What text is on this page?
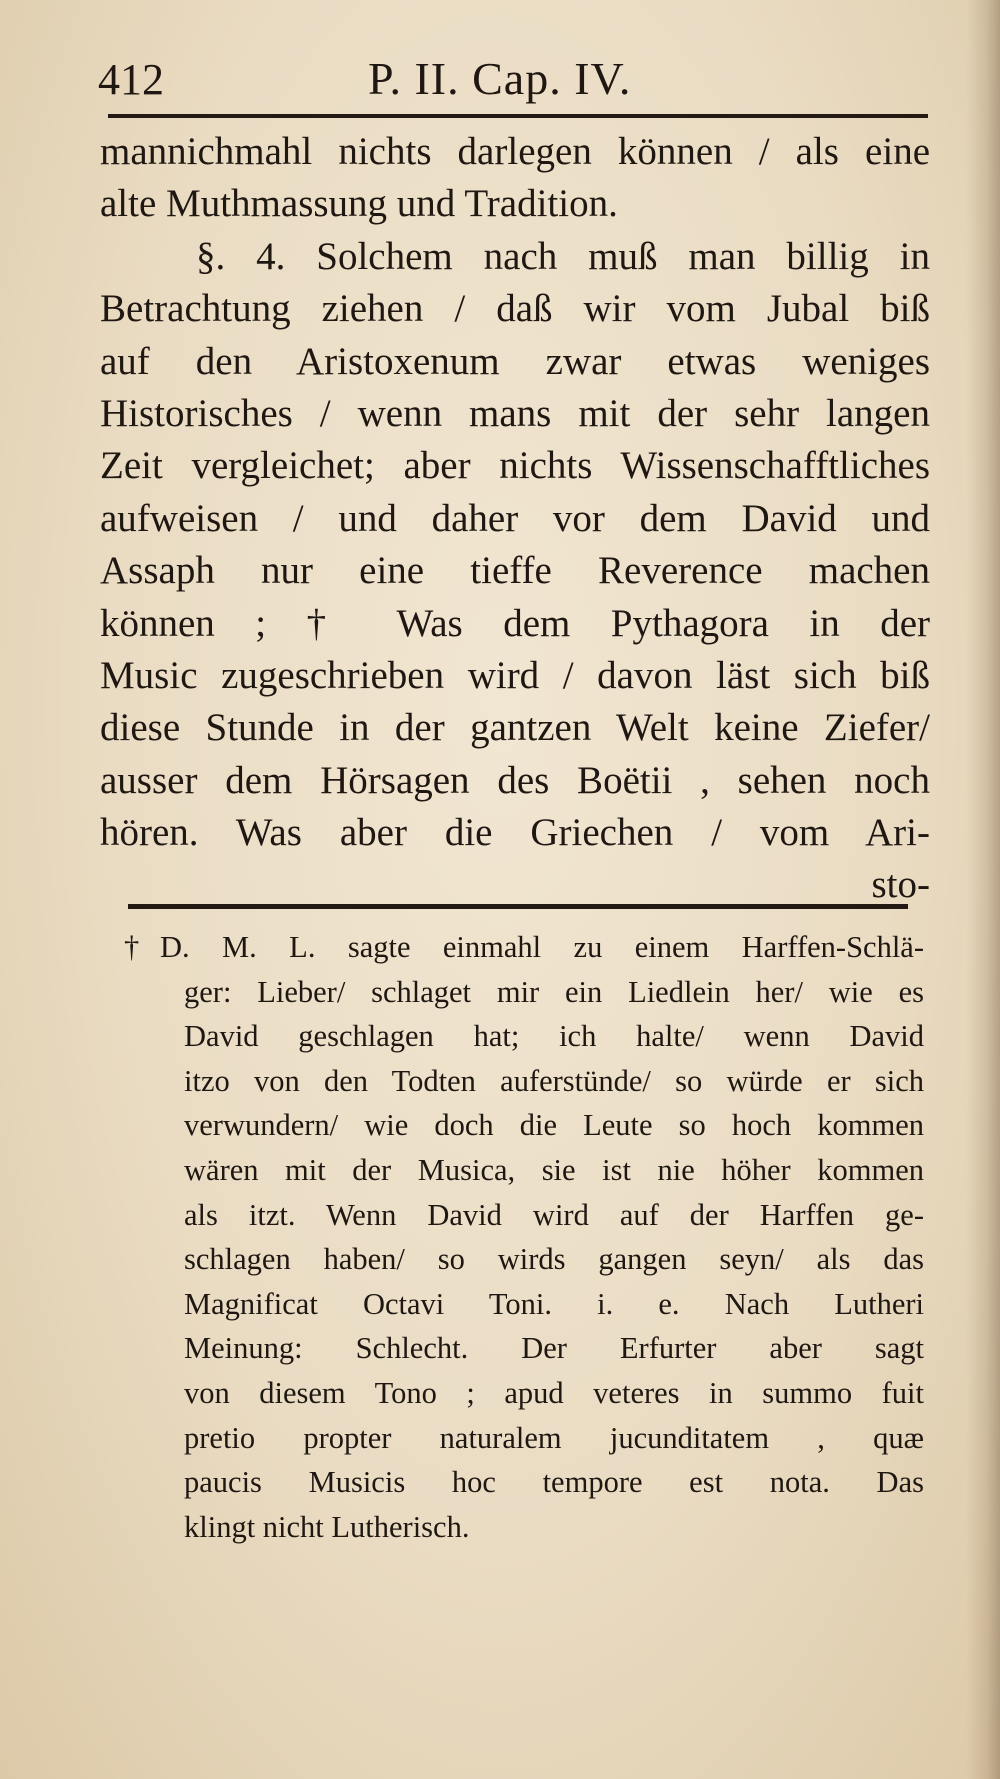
412	P. II. Cap. IV.
mannichmahl nichts darlegen können / als eine
alte Muthmassung und Tradition.
§. 4. Solchem nach muß man billig in
Betrachtung ziehen / daß wir vom Jubal biß
auf den Aristoxenum zwar etwas weniges
Historisches / wenn mans mit der sehr langen
Zeit vergleichet; aber nichts Wissenschafftliches
aufweisen / und daher vor dem David und
Assaph nur eine tieffe Reverence machen
können ; † Was dem Pythagora in der
Music zugeschrieben wird / davon läst sich biß
diese Stunde in der gantzen Welt keine Ziefer/
ausser dem Hörsagen des Boëtii , sehen noch
hören. Was aber die Griechen / vom Ari-
sto-
† D. M. L. sagte einmahl zu einem Harffen-Schlä-
ger: Lieber/ schlaget mir ein Liedlein her/ wie es
David geschlagen hat; ich halte/ wenn David
itzo von den Todten auferstünde/ so würde er sich
verwundern/ wie doch die Leute so hoch kommen
wären mit der Musica, sie ist nie höher kommen
als itzt. Wenn David wird auf der Harffen ge-
schlagen haben/ so wirds gangen seyn/ als das
Magnificat Octavi Toni. i. e. Nach Lutheri
Meinung: Schlecht. Der Erfurter aber sagt
von diesem Tono ; apud veteres in summo fuit
pretio propter naturalem jucunditatem , quæ
paucis Musicis hoc tempore est nota. Das
klingt nicht Lutherisch.
